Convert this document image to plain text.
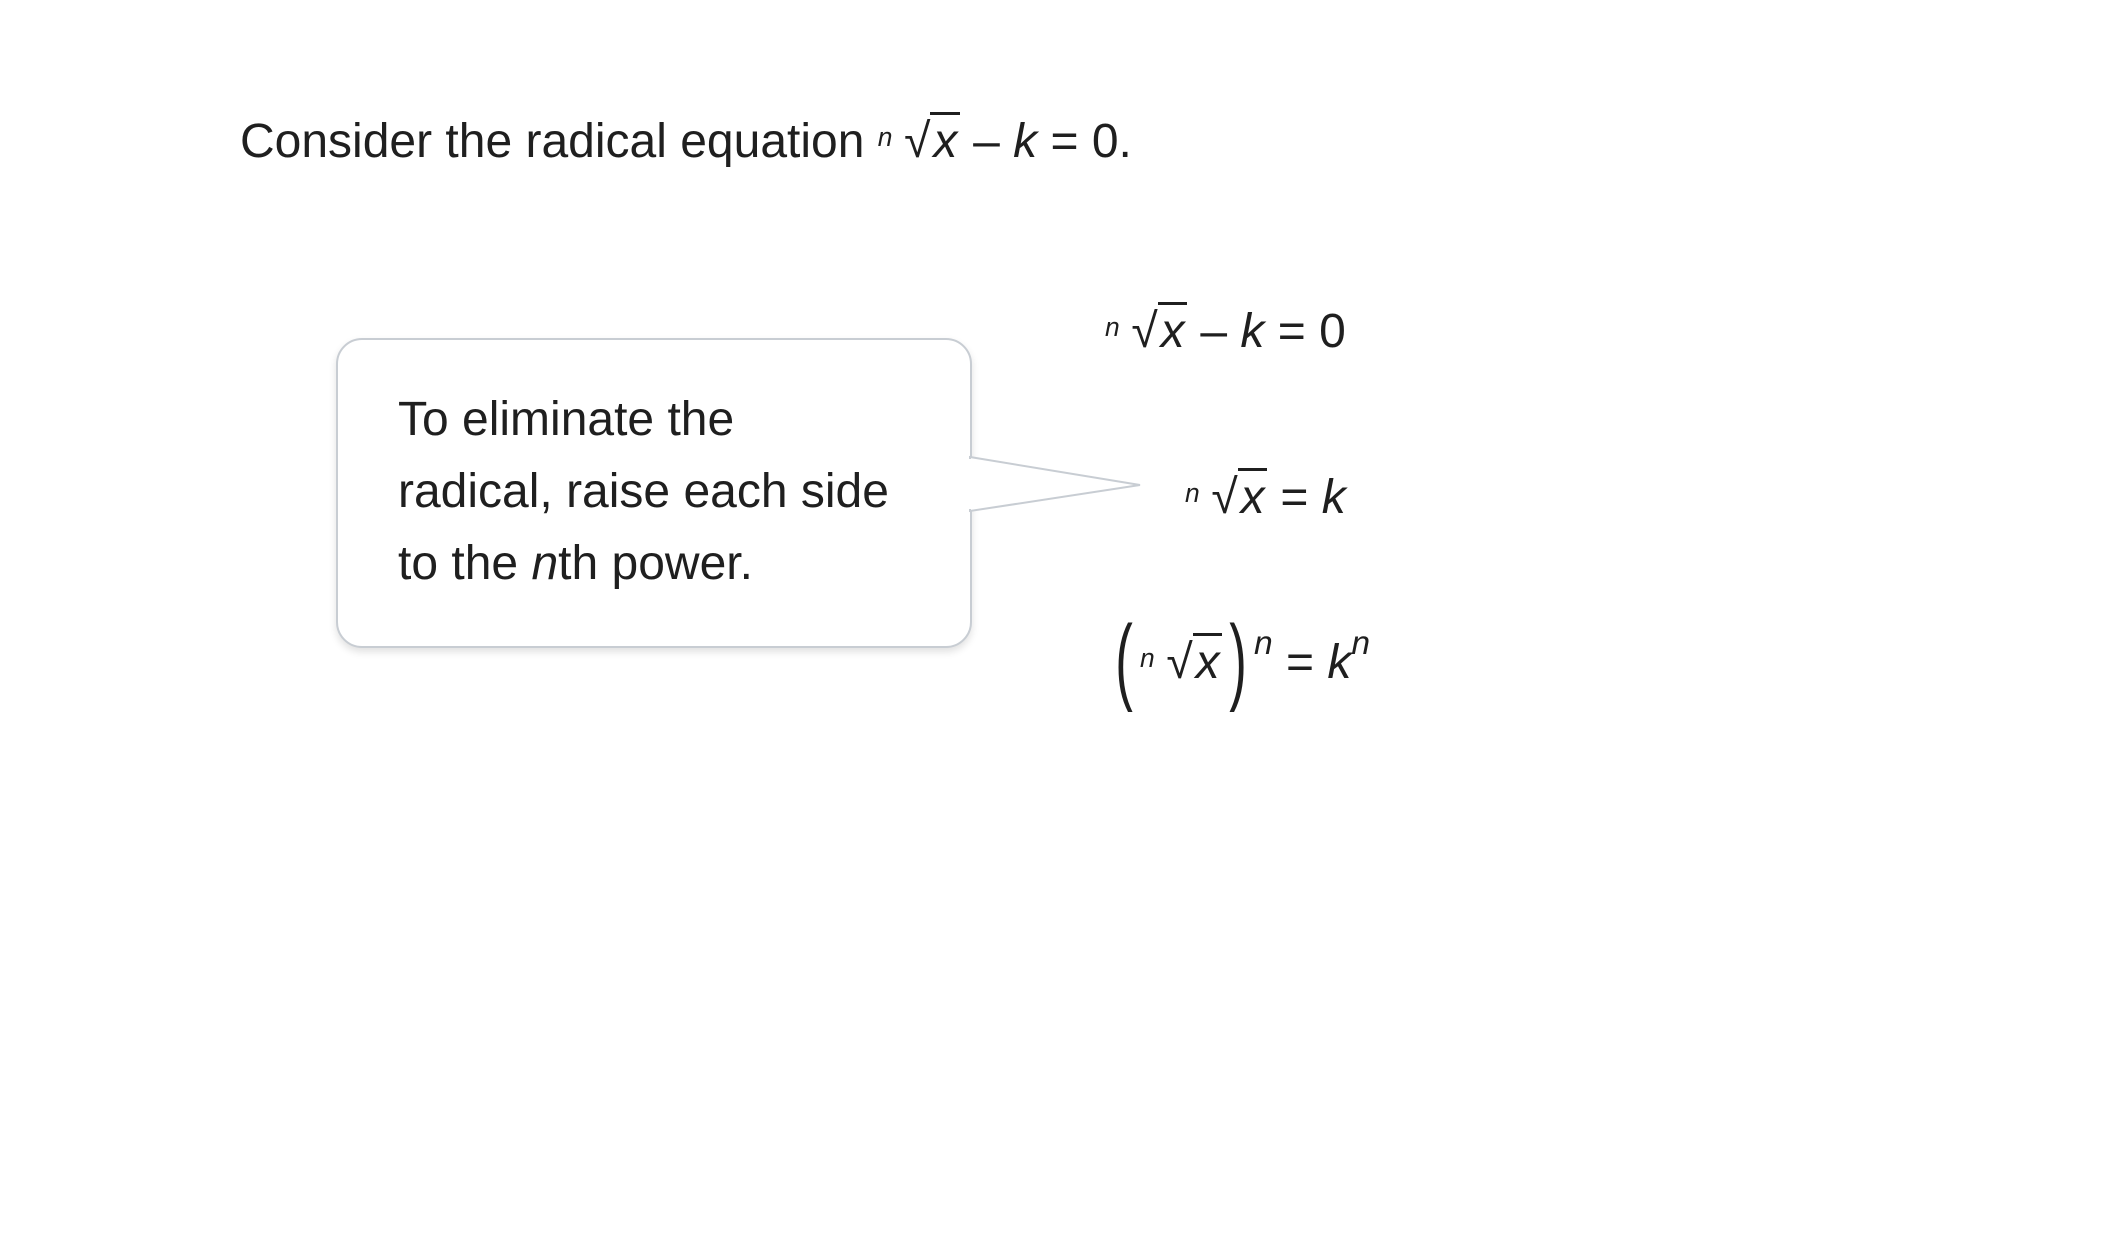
Consider the radical equation n √x – k = 0.

To eliminate the

radical, raise each side

to the nth power.

n √x – k = 0
n √x = k
( n √x) $^n = k^n$
